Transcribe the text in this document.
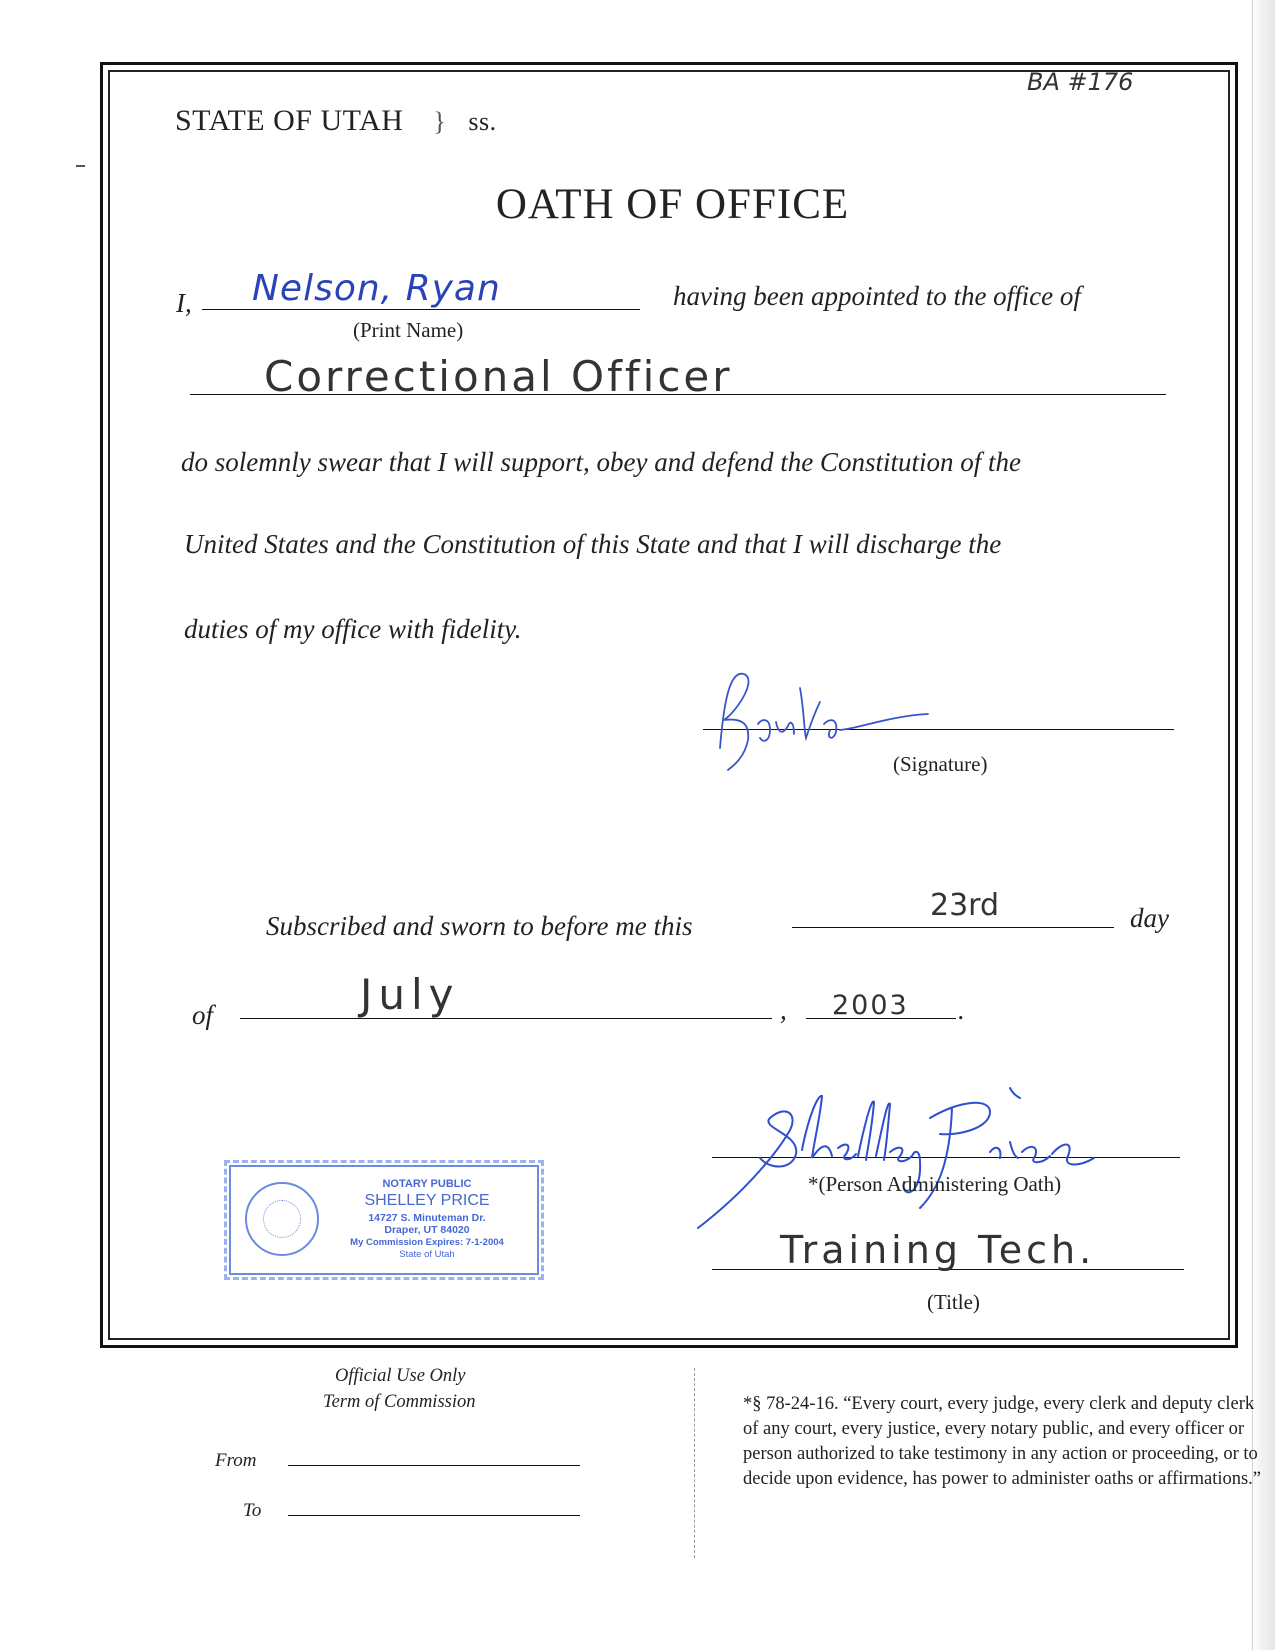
BA #176
STATE OF UTAH } ss.
OATH OF OFFICE
I, Nelson, Ryan
(Print Name)
having been appointed to the office of
Correctional Officer
do solemnly swear that I will support, obey and defend the Constitution of the
United States and the Constitution of this State and that I will discharge the
duties of my office with fidelity.
(Signature)
Subscribed and sworn to before me this
23rd	day
of	July	, 2003 .
*(Person Administering Oath)
Training Tech.
(Title)
NOTARY PUBLIC
SHELLEY PRICE
14727 S. Minuteman Dr.
Draper, UT 84020
My Commission Expires: 7-1-2004
State of Utah
Official Use Only
Term of Commission
From
To
*§ 78-24-16. “Every court, every judge, every clerk and deputy clerk of any court, every justice, every notary public, and every officer or person authorized to take testimony in any action or proceeding, or to decide upon evidence, has power to administer oaths or affirmations.”
